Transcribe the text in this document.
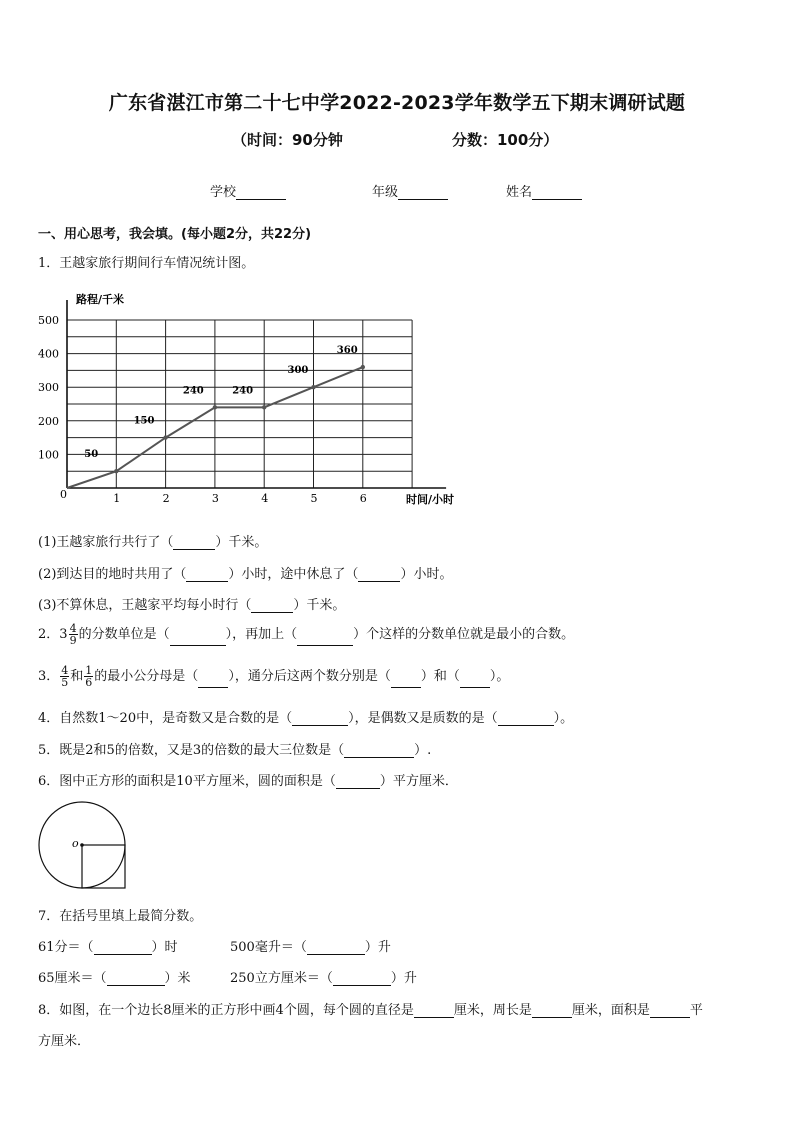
广东省湛江市第二十七中学2022-2023学年数学五下期末调研试题
（时间：90分钟	分数：100分）
学校	年级	姓名
一、用心思考，我会填。(每小题2分，共22分)
1．王越家旅行期间行车情况统计图。
1	2	3	4	5	6
100
200
300
400
500
50
150
240	240
300
360
路程/千米
时间/小时
0
(1)王越家旅行共行了（	）千米。
(2)到达目的地时共用了（	）小时，途中休息了（	）小时。
(3)不算休息，王越家平均每小时行（	）千米。
2．$3 \frac{4}{9}$ 的分数单位是（	），再加上（	）个这样的分数单位就是最小的合数。
3． $\frac{4}{5}$ 和 $\frac{1}{6}$ 的最小公分母是（ ），通分后这两个数分别是（ ）和（ ）。
4．自然数1～20中，是奇数又是合数的是（	），是偶数又是质数的是（	）。
5．既是2和5的倍数，又是3的倍数的最大三位数是（	）.
6．图中正方形的面积是10平方厘米，圆的面积是（	）平方厘米．
o
7．在括号里填上最简分数。
61分＝（	）时	500毫升＝（	）升
65厘米＝（	）米	250立方厘米＝（	）升
8．如图，在一个边长8厘米的正方形中画4个圆，每个圆的直径是	厘米，周长是	厘米，面积是	平
方厘米．
